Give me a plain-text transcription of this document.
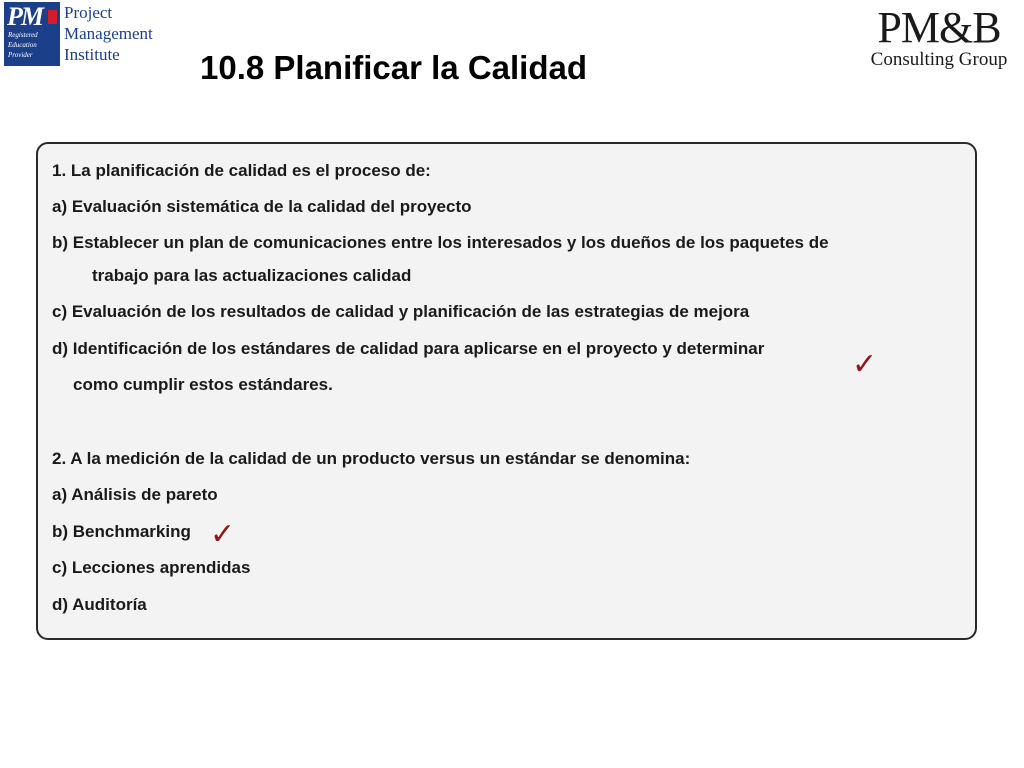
PM
Registered
Education
Provider
Project
Management
Institute
PM&B
Consulting Group
10.8 Planificar la Calidad
1. La planificación de calidad es el proceso de:
a) Evaluación sistemática de la calidad del proyecto
b) Establecer un plan de comunicaciones entre los interesados y los dueños de los paquetes de
trabajo para las actualizaciones calidad
c) Evaluación de los resultados de calidad y planificación de las estrategias de mejora
d) Identificación de los estándares de calidad para aplicarse en el proyecto y determinar
como cumplir estos estándares.
✓
2. A la medición de la calidad de un producto versus un estándar se denomina:
a) Análisis de pareto
b) Benchmarking ✓
c) Lecciones aprendidas
d) Auditoría
